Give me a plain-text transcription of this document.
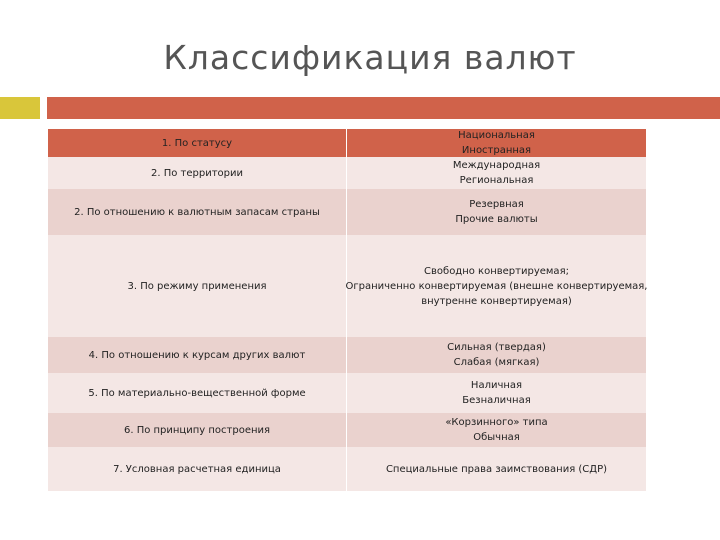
Классификация валют
1. По статусу
Национальная
Иностранная
2. По территории
Международная
Региональная
2. По отношению к валютным запасам страны
Резервная
Прочие валюты
3. По режиму применения
Свободно конвертируемая;
Ограниченно конвертируемая (внешне конвертируемая,
внутренне конвертируемая)
4. По отношению к курсам других валют
Сильная (твердая)
Слабая (мягкая)
5. По материально-вещественной форме
Наличная
Безналичная
6. По принципу построения
«Корзинного» типа
Обычная
7. Условная расчетная единица	Специальные права заимствования (СДР)
